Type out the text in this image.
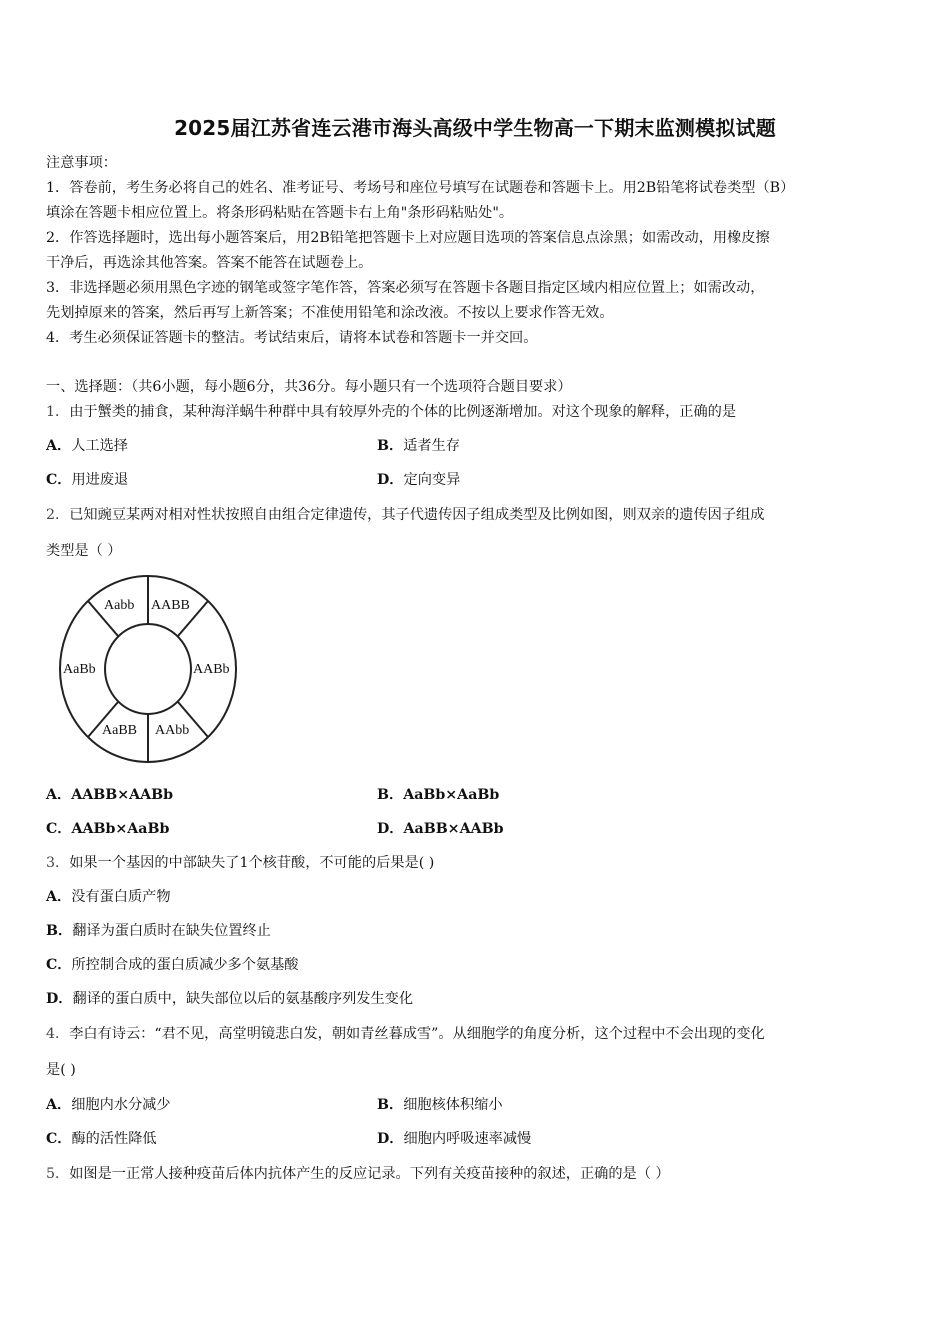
2025届江苏省连云港市海头高级中学生物高一下期末监测模拟试题
注意事项：
1．答卷前，考生务必将自己的姓名、准考证号、考场号和座位号填写在试题卷和答题卡上。用2B铅笔将试卷类型（B）
填涂在答题卡相应位置上。将条形码粘贴在答题卡右上角"条形码粘贴处"。
2．作答选择题时，选出每小题答案后，用2B铅笔把答题卡上对应题目选项的答案信息点涂黑；如需改动，用橡皮擦
干净后，再选涂其他答案。答案不能答在试题卷上。
3．非选择题必须用黑色字迹的钢笔或签字笔作答，答案必须写在答题卡各题目指定区域内相应位置上；如需改动，
先划掉原来的答案，然后再写上新答案；不准使用铅笔和涂改液。不按以上要求作答无效。
4．考生必须保证答题卡的整洁。考试结束后，请将本试卷和答题卡一并交回。
一、选择题：（共6小题，每小题6分，共36分。每小题只有一个选项符合题目要求）
1．由于蟹类的捕食，某种海洋蜗牛种群中具有较厚外壳的个体的比例逐渐增加。对这个现象的解释，正确的是
A．人工选择	B．适者生存
C．用进废退	D．定向变异
2．已知豌豆某两对相对性状按照自由组合定律遗传，其子代遗传因子组成类型及比例如图，则双亲的遗传因子组成
类型是（ ）
Aabb AABB
AaBb	AABb
AaBB AAbb
A．AABB×AABb	B．AaBb×AaBb
C．AABb×AaBb	D．AaBB×AABb
3．如果一个基因的中部缺失了1个核苷酸，不可能的后果是( )
A．没有蛋白质产物
B．翻译为蛋白质时在缺失位置终止
C．所控制合成的蛋白质减少多个氨基酸
D．翻译的蛋白质中，缺失部位以后的氨基酸序列发生变化
4．李白有诗云：“君不见，高堂明镜悲白发，朝如青丝暮成雪”。从细胞学的角度分析，这个过程中不会出现的变化
是( )
A．细胞内水分减少	B．细胞核体积缩小
C．酶的活性降低	D．细胞内呼吸速率减慢
5．如图是一正常人接种疫苗后体内抗体产生的反应记录。下列有关疫苗接种的叙述，正确的是（ ）
